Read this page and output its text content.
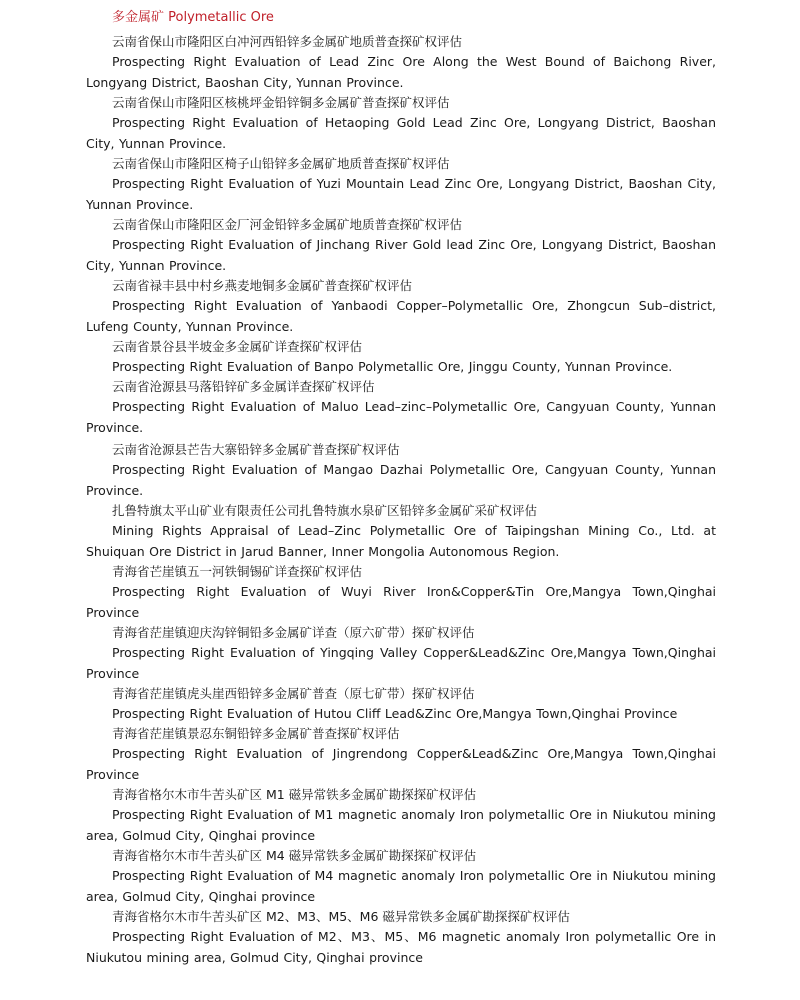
多金属矿 Polymetallic Ore

云南省保山市隆阳区白冲河西铅锌多金属矿地质普查探矿权评估

Prospecting Right Evaluation of Lead Zinc Ore Along the West Bound of Baichong River, Longyang District, Baoshan City, Yunnan Province.

云南省保山市隆阳区核桃坪金铅锌铜多金属矿普查探矿权评估

Prospecting Right Evaluation of Hetaoping Gold Lead Zinc Ore, Longyang District, Baoshan City, Yunnan Province.

云南省保山市隆阳区椅子山铅锌多金属矿地质普查探矿权评估

Prospecting Right Evaluation of Yuzi Mountain Lead Zinc Ore, Longyang District, Baoshan City, Yunnan Province.

云南省保山市隆阳区金厂河金铅锌多金属矿地质普查探矿权评估

Prospecting Right Evaluation of Jinchang River Gold lead Zinc Ore, Longyang District, Baoshan City, Yunnan Province.

云南省禄丰县中村乡燕麦地铜多金属矿普查探矿权评估

Prospecting Right Evaluation of Yanbaodi Copper–Polymetallic Ore, Zhongcun Sub–district, Lufeng County, Yunnan Province.

云南省景谷县半坡金多金属矿详查探矿权评估

Prospecting Right Evaluation of Banpo Polymetallic Ore, Jinggu County, Yunnan Province.

云南省沧源县马落铅锌矿多金属详查探矿权评估

Prospecting Right Evaluation of Maluo Lead–zinc–Polymetallic Ore, Cangyuan County, Yunnan Province.

云南省沧源县芒告大寨铅锌多金属矿普查探矿权评估

Prospecting Right Evaluation of Mangao Dazhai Polymetallic Ore, Cangyuan County, Yunnan Province.

扎鲁特旗太平山矿业有限责任公司扎鲁特旗水泉矿区铅锌多金属矿采矿权评估

Mining Rights Appraisal of Lead–Zinc Polymetallic Ore of Taipingshan Mining Co., Ltd. at Shuiquan Ore District in Jarud Banner, Inner Mongolia Autonomous Region.

青海省芒崖镇五一河铁铜锡矿详查探矿权评估

Prospecting Right Evaluation of Wuyi River Iron&Copper&Tin Ore,Mangya Town,Qinghai Province

青海省茫崖镇迎庆沟锌铜铅多金属矿详查（原六矿带）探矿权评估

Prospecting Right Evaluation of Yingqing Valley Copper&Lead&Zinc Ore,Mangya Town,Qinghai Province

青海省茫崖镇虎头崖西铅锌多金属矿普查（原七矿带）探矿权评估

Prospecting Right Evaluation of Hutou Cliff Lead&Zinc Ore,Mangya Town,Qinghai Province

青海省茫崖镇景忍东铜铅锌多金属矿普查探矿权评估

Prospecting Right Evaluation of Jingrendong Copper&Lead&Zinc Ore,Mangya Town,Qinghai Province

青海省格尔木市牛苦头矿区 M1 磁异常铁多金属矿勘探探矿权评估

Prospecting Right Evaluation of M1 magnetic anomaly Iron polymetallic Ore in Niukutou mining area, Golmud City, Qinghai province

青海省格尔木市牛苦头矿区 M4 磁异常铁多金属矿勘探探矿权评估

Prospecting Right Evaluation of M4 magnetic anomaly Iron polymetallic Ore in Niukutou mining area, Golmud City, Qinghai province

青海省格尔木市牛苦头矿区 M2、M3、M5、M6 磁异常铁多金属矿勘探探矿权评估

Prospecting Right Evaluation of M2、M3、M5、M6 magnetic anomaly Iron polymetallic Ore in Niukutou mining area, Golmud City, Qinghai province
